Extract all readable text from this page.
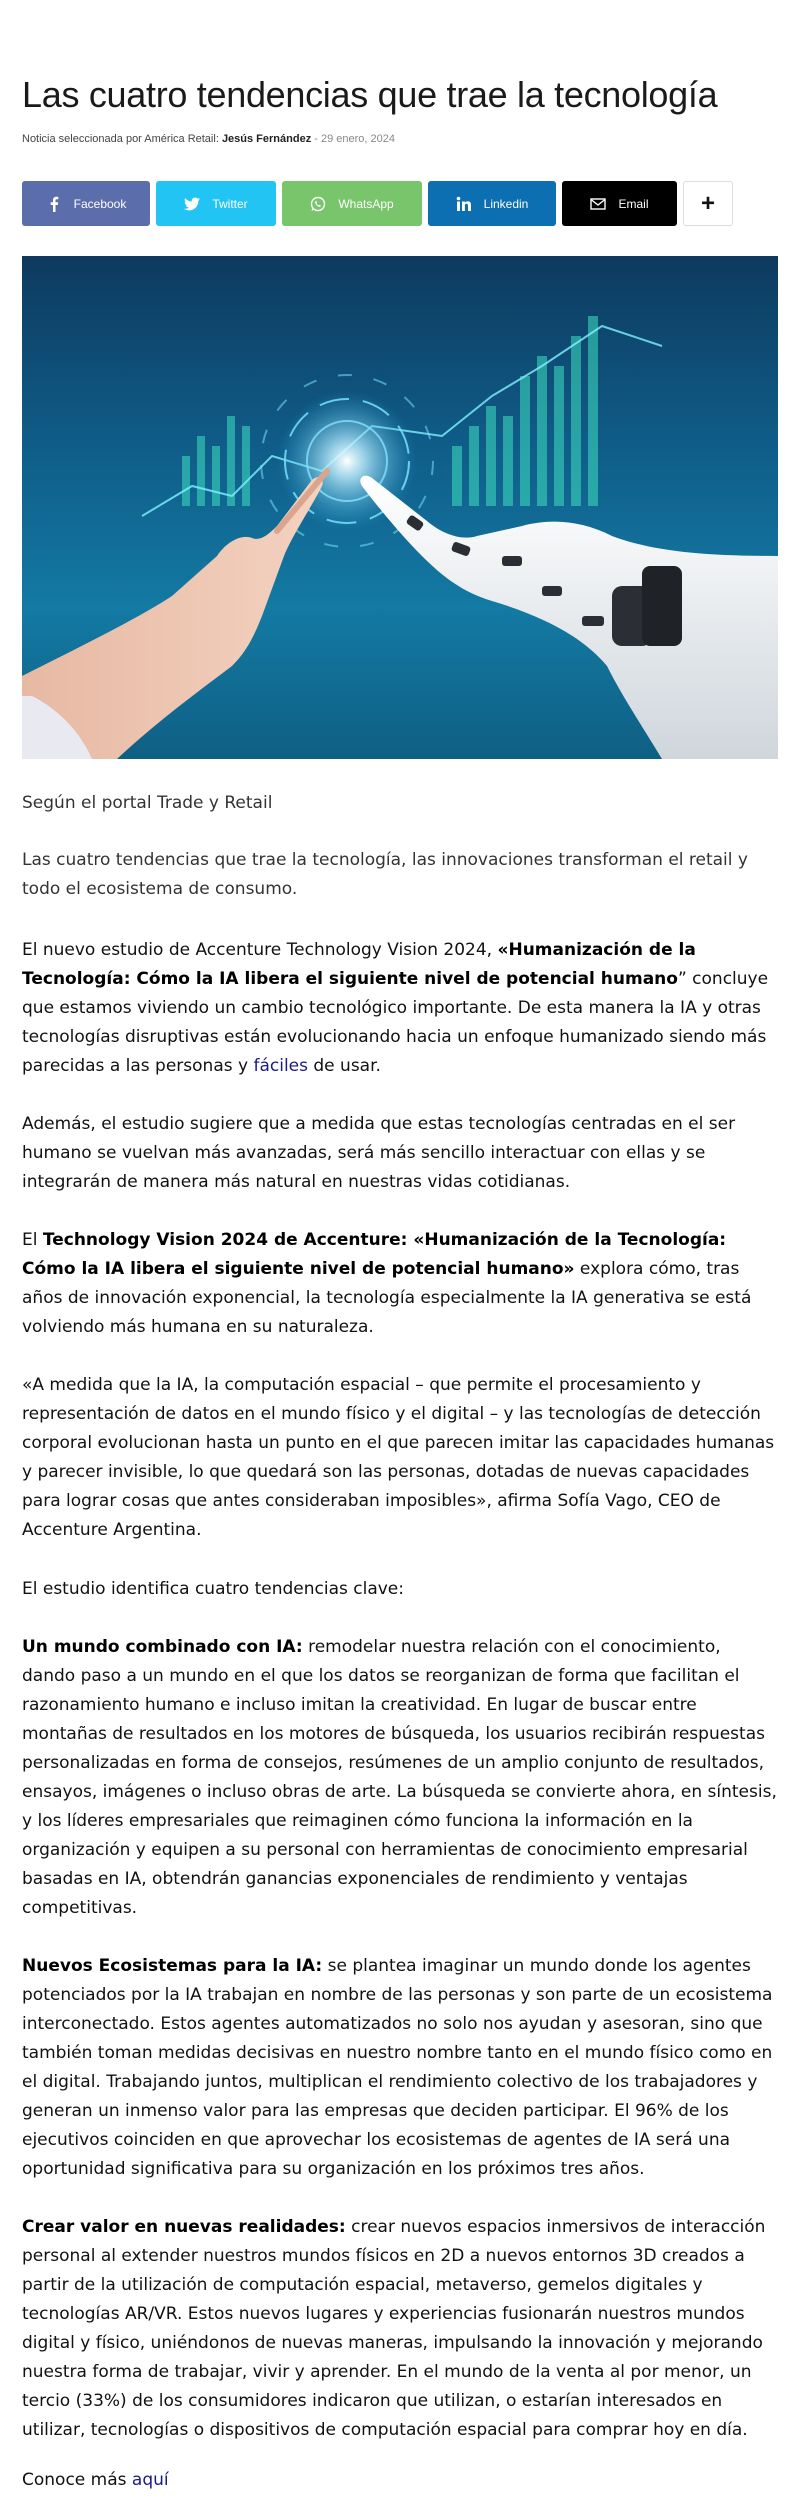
Las cuatro tendencias que trae la tecnología
Noticia seleccionada por América Retail: Jesús Fernández - 29 enero, 2024
Facebook	Twitter	WhatsApp	Linkedin	Email +
Según el portal Trade y Retail
Las cuatro tendencias que trae la tecnología, las innovaciones transforman el retail y todo el ecosistema de consumo.

El nuevo estudio de Accenture Technology Vision 2024, «Humanización de la Tecnología: Cómo la IA libera el siguiente nivel de potencial humano” concluye que estamos viviendo un cambio tecnológico importante. De esta manera la IA y otras tecnologías disruptivas están evolucionando hacia un enfoque humanizado siendo más parecidas a las personas y fáciles de usar.

Además, el estudio sugiere que a medida que estas tecnologías centradas en el ser humano se vuelvan más avanzadas, será más sencillo interactuar con ellas y se integrarán de manera más natural en nuestras vidas cotidianas.

El Technology Vision 2024 de Accenture: «Humanización de la Tecnología: Cómo la IA libera el siguiente nivel de potencial humano» explora cómo, tras años de innovación exponencial, la tecnología especialmente la IA generativa se está volviendo más humana en su naturaleza.

«A medida que la IA, la computación espacial – que permite el procesamiento y representación de datos en el mundo físico y el digital – y las tecnologías de detección corporal evolucionan hasta un punto en el que parecen imitar las capacidades humanas y parecer invisible, lo que quedará son las personas, dotadas de nuevas capacidades para lograr cosas que antes consideraban imposibles», afirma Sofía Vago, CEO de Accenture Argentina.

El estudio identifica cuatro tendencias clave:

Un mundo combinado con IA: remodelar nuestra relación con el conocimiento, dando paso a un mundo en el que los datos se reorganizan de forma que facilitan el razonamiento humano e incluso imitan la creatividad. En lugar de buscar entre montañas de resultados en los motores de búsqueda, los usuarios recibirán respuestas personalizadas en forma de consejos, resúmenes de un amplio conjunto de resultados, ensayos, imágenes o incluso obras de arte. La búsqueda se convierte ahora, en síntesis, y los líderes empresariales que reimaginen cómo funciona la información en la organización y equipen a su personal con herramientas de conocimiento empresarial basadas en IA, obtendrán ganancias exponenciales de rendimiento y ventajas competitivas.

Nuevos Ecosistemas para la IA: se plantea imaginar un mundo donde los agentes potenciados por la IA trabajan en nombre de las personas y son parte de un ecosistema interconectado. Estos agentes automatizados no solo nos ayudan y asesoran, sino que también toman medidas decisivas en nuestro nombre tanto en el mundo físico como en el digital. Trabajando juntos, multiplican el rendimiento colectivo de los trabajadores y generan un inmenso valor para las empresas que deciden participar. El 96% de los ejecutivos coinciden en que aprovechar los ecosistemas de agentes de IA será una oportunidad significativa para su organización en los próximos tres años.

Crear valor en nuevas realidades: crear nuevos espacios inmersivos de interacción personal al extender nuestros mundos físicos en 2D a nuevos entornos 3D creados a partir de la utilización de computación espacial, metaverso, gemelos digitales y tecnologías AR/VR. Estos nuevos lugares y experiencias fusionarán nuestros mundos digital y físico, uniéndonos de nuevas maneras, impulsando la innovación y mejorando nuestra forma de trabajar, vivir y aprender. En el mundo de la venta al por menor, un tercio (33%) de los consumidores indicaron que utilizan, o estarían interesados en utilizar, tecnologías o dispositivos de computación espacial para comprar hoy en día.

Conoce más aquí
